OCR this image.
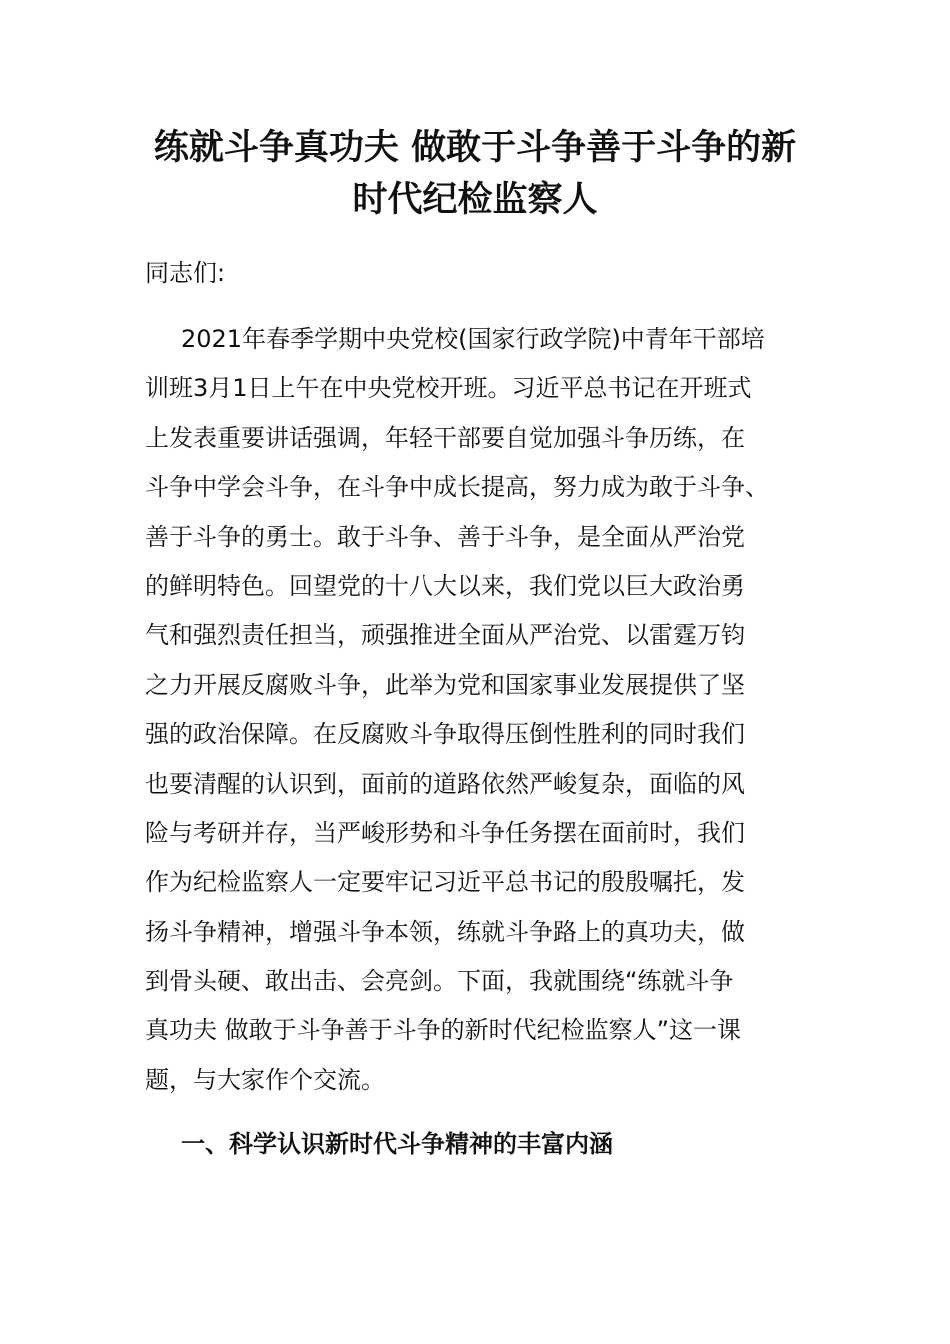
练就斗争真功夫 做敢于斗争善于斗争的新
时代纪检监察人

同志们:

2021年春季学期中央党校(国家行政学院)中青年干部培
训班3月1日上午在中央党校开班。习近平总书记在开班式
上发表重要讲话强调，年轻干部要自觉加强斗争历练，在
斗争中学会斗争，在斗争中成长提高，努力成为敢于斗争、
善于斗争的勇士。敢于斗争、善于斗争，是全面从严治党
的鲜明特色。回望党的十八大以来，我们党以巨大政治勇
气和强烈责任担当，顽强推进全面从严治党、以雷霆万钧
之力开展反腐败斗争，此举为党和国家事业发展提供了坚
强的政治保障。在反腐败斗争取得压倒性胜利的同时我们
也要清醒的认识到，面前的道路依然严峻复杂，面临的风
险与考研并存，当严峻形势和斗争任务摆在面前时，我们
作为纪检监察人一定要牢记习近平总书记的殷殷嘱托，发
扬斗争精神，增强斗争本领，练就斗争路上的真功夫，做
到骨头硬、敢出击、会亮剑。下面，我就围绕“练就斗争
真功夫 做敢于斗争善于斗争的新时代纪检监察人”这一课
题，与大家作个交流。
一、科学认识新时代斗争精神的丰富内涵
